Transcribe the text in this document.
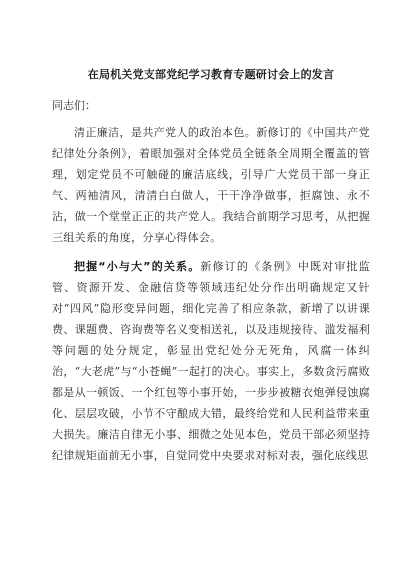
在局机关党支部党纪学习教育专题研讨会上的发言

同志们：

清正廉洁，是共产党人的政治本色。新修订的《中国共产党纪律处分条例》，着眼加强对全体党员全链条全周期全覆盖的管理，划定党员不可触碰的廉洁底线，引导广大党员干部一身正气、两袖清风，清清白白做人，干干净净做事，拒腐蚀、永不沾，做一个堂堂正正的共产党人。我结合前期学习思考，从把握三组关系的角度，分享心得体会。

把握“小与大”的关系。新修订的《条例》中既对审批监管、资源开发、金融信贷等领域违纪处分作出明确规定又针对“四风”隐形变异问题，细化完善了相应条款，新增了以讲课费、课题费、咨询费等名义变相送礼，以及违规接待、滥发福利等问题的处分规定，彰显出党纪处分无死角，风腐一体纠治，“大老虎”与“小苍蝇”一起打的决心。事实上，多数贪污腐败都是从一顿饭、一个红包等小事开始，一步步被糖衣炮弹侵蚀腐化、层层攻破，小节不守酿成大错，最终给党和人民利益带来重大损失。廉洁自律无小事、细微之处见本色，党员干部必须坚持纪律规矩面前无小事，自觉同党中央要求对标对表，强化底线思
